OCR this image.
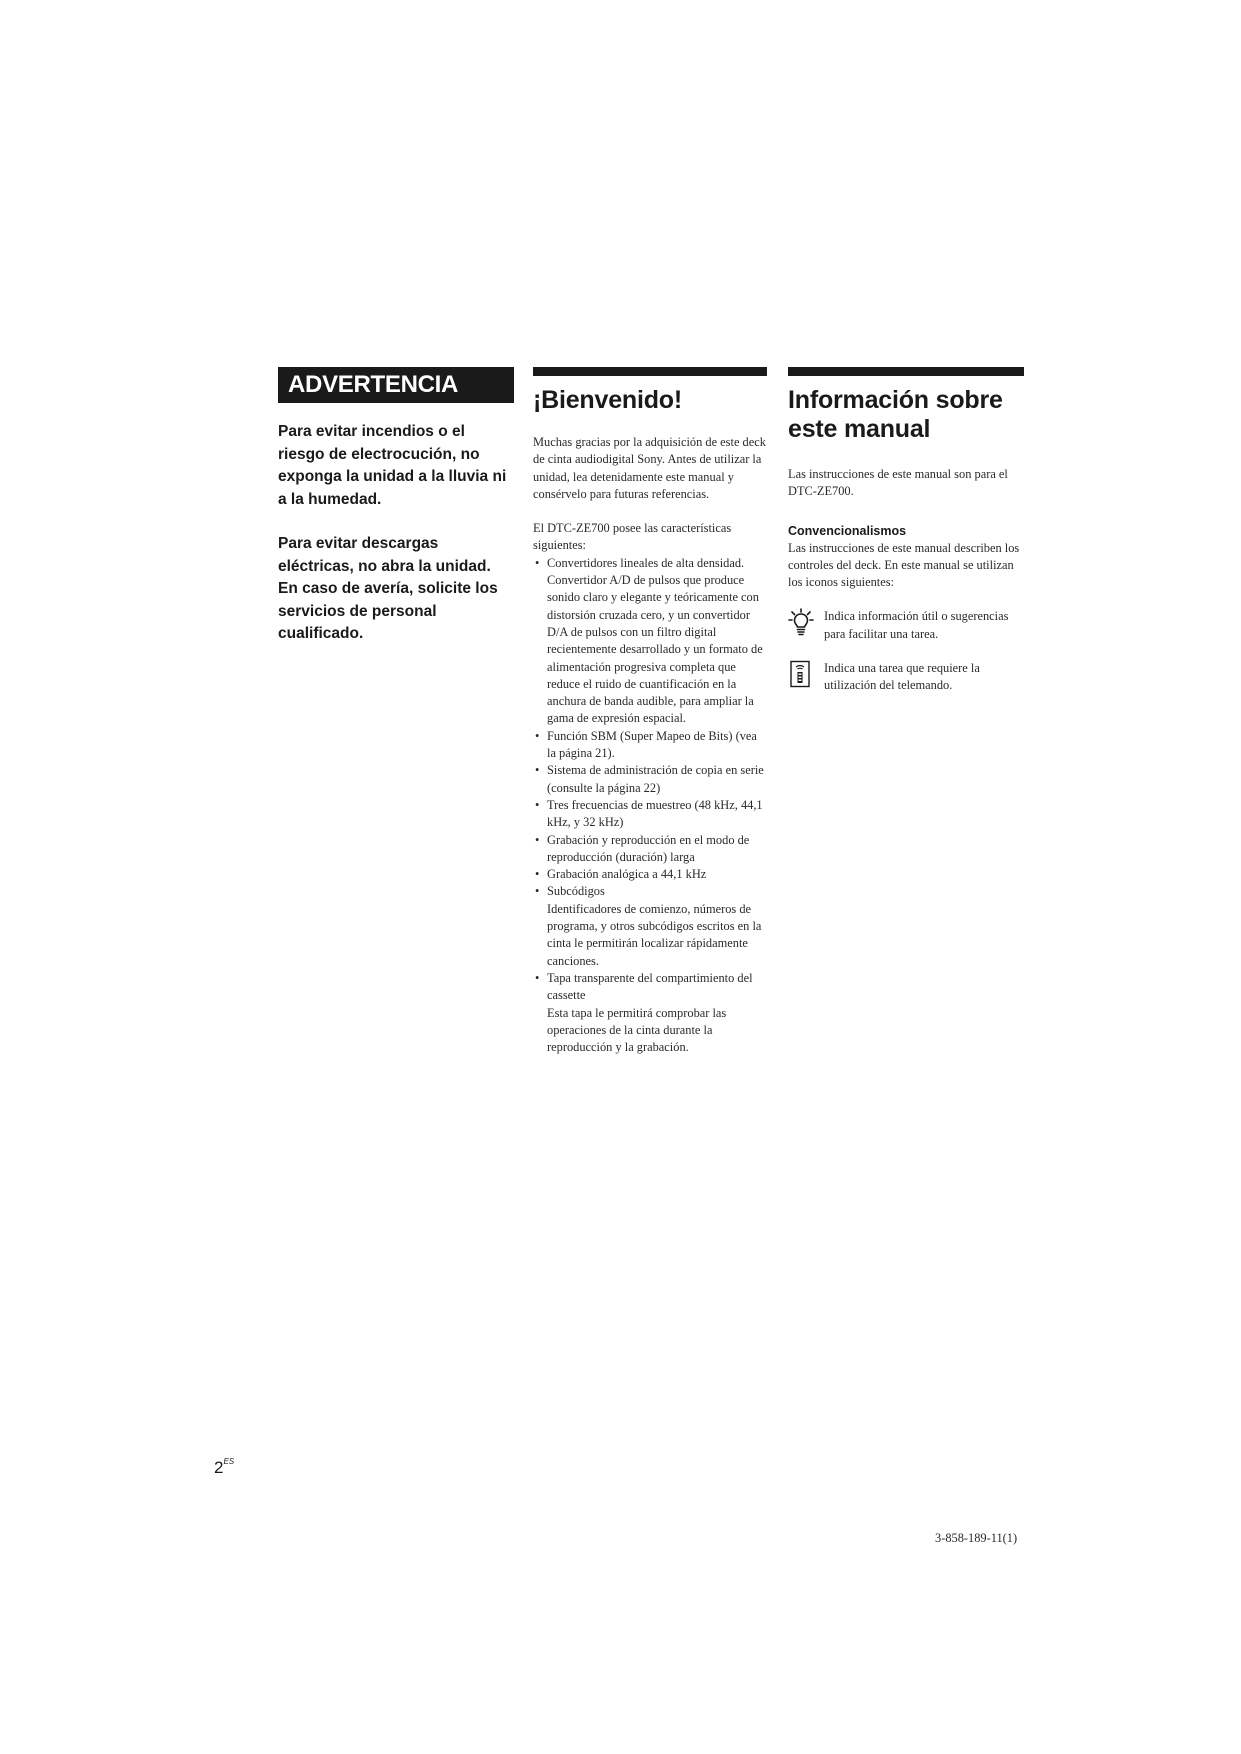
ADVERTENCIA

Para evitar incendios o el riesgo de electrocución, no exponga la unidad a la lluvia ni a la humedad.

Para evitar descargas eléctricas, no abra la unidad. En caso de avería, solicite los servicios de personal cualificado.

¡Bienvenido!

Muchas gracias por la adquisición de este deck de cinta audiodigital Sony. Antes de utilizar la unidad, lea detenidamente este manual y consérvelo para futuras referencias.

El DTC-ZE700 posee las características siguientes:

• Convertidores lineales de alta densidad.
Convertidor A/D de pulsos que produce sonido claro y elegante y teóricamente con distorsión cruzada cero, y un convertidor D/A de pulsos con un filtro digital recientemente desarrollado y un formato de alimentación progresiva completa que reduce el ruido de cuantificación en la anchura de banda audible, para ampliar la gama de expresión espacial.
• Función SBM (Super Mapeo de Bits) (vea la página 21).
• Sistema de administración de copia en serie (consulte la página 22)
• Tres frecuencias de muestreo (48 kHz, 44,1 kHz, y 32 kHz)
• Grabación y reproducción en el modo de reproducción (duración) larga
• Grabación analógica a 44,1 kHz
• Subcódigos
Identificadores de comienzo, números de programa, y otros subcódigos escritos en la cinta le permitirán localizar rápidamente canciones.
• Tapa transparente del compartimiento del cassette
Esta tapa le permitirá comprobar las operaciones de la cinta durante la reproducción y la grabación.
Información sobre este manual

Las instrucciones de este manual son para el DTC-ZE700.

Convencionalismos

Las instrucciones de este manual describen los controles del deck. En este manual se utilizan los iconos siguientes:

Indica información útil o sugerencias para facilitar una tarea.
Indica una tarea que requiere la utilización del telemando.
$2^{ES}$
3-858-189-11(1)
